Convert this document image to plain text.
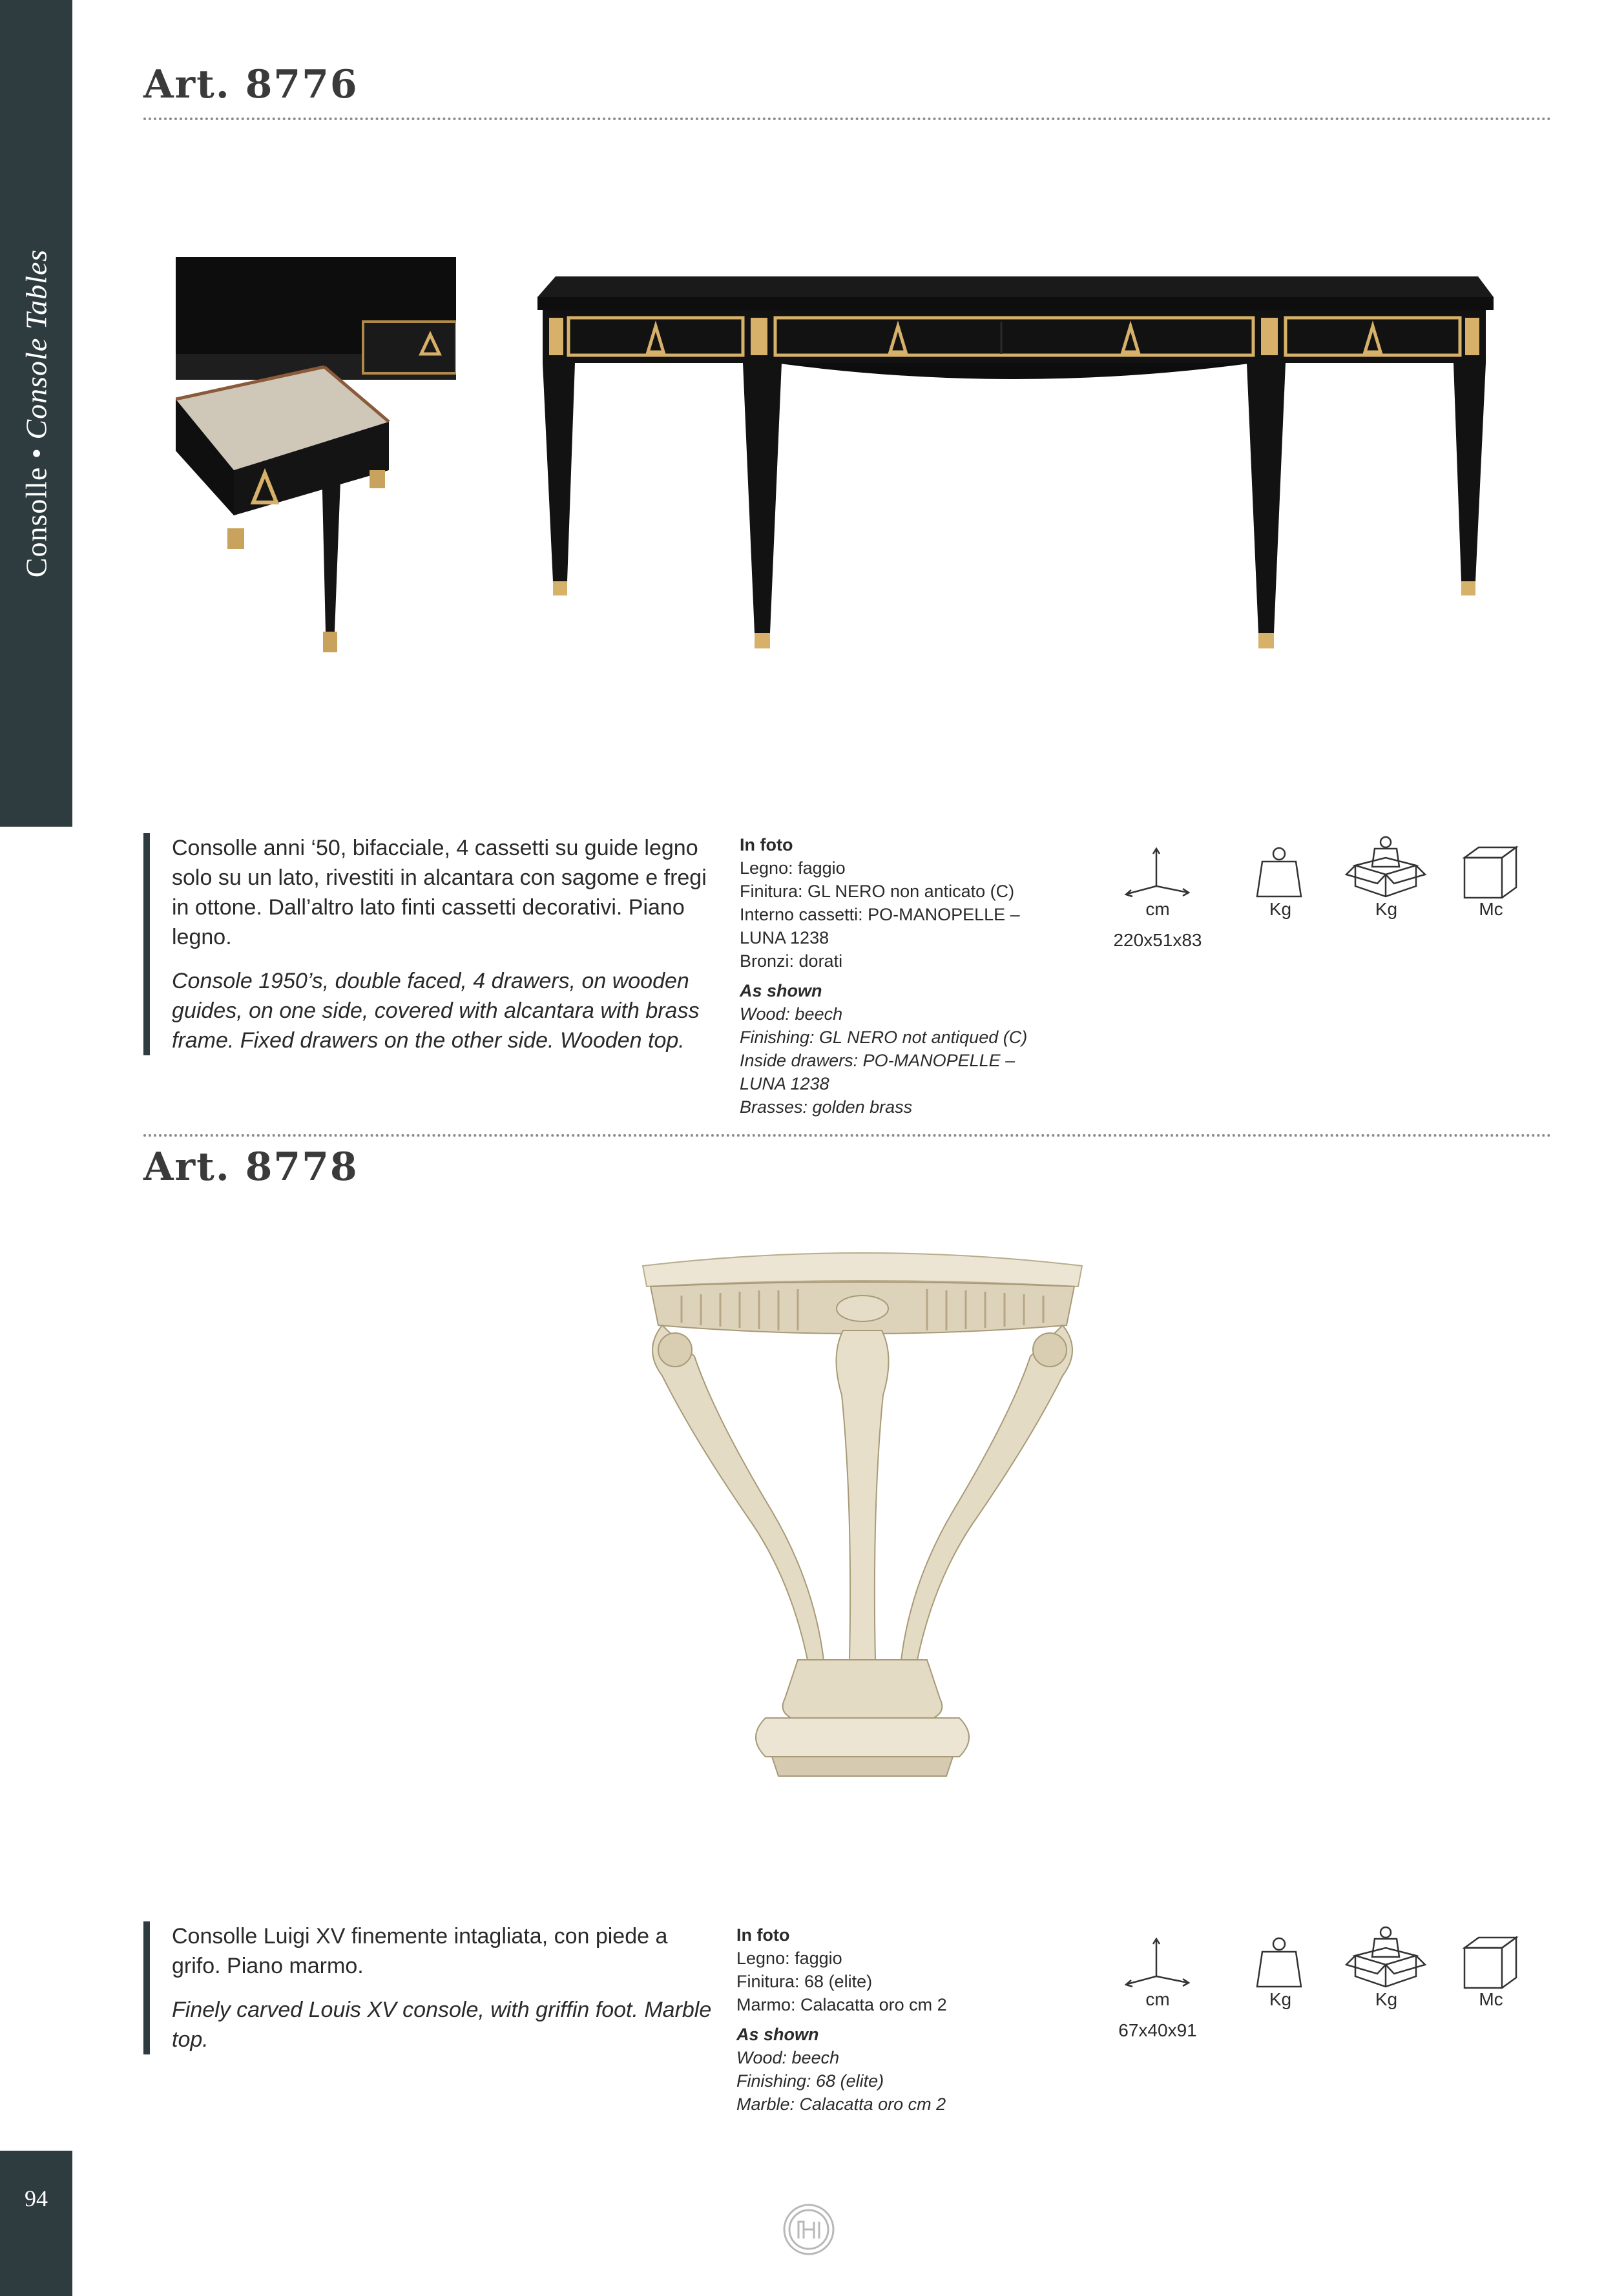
Consolle • Console Tables
94
Art. 8776

Consolle anni ‘50, bifacciale, 4 cassetti su guide legno solo su un lato, rivestiti in alcantara con sagome e fregi in ottone. Dall’altro lato finti cassetti decorativi. Piano legno.

Console 1950’s, double faced, 4 drawers, on wooden guides, on one side, covered with alcantara with brass frame. Fixed drawers on the other side. Wooden top.

In foto
Legno: faggio
Finitura: GL NERO non anticato (C)
Interno cassetti: PO-MANOPELLE –
LUNA 1238
Bronzi: dorati
As shown
Wood: beech
Finishing: GL NERO not antiqued (C)
Inside drawers: PO-MANOPELLE –
LUNA 1238
Brasses: golden brass
cm	Kg	Kg	Mc
220x51x83
Art. 8778

Consolle Luigi XV finemente intagliata, con piede a grifo. Piano marmo.

Finely carved Louis XV console, with griffin foot. Marble top.

In foto
Legno: faggio
Finitura: 68 (elite)
Marmo: Calacatta oro cm 2
As shown
Wood: beech
Finishing: 68 (elite)
Marble: Calacatta oro cm 2
cm	Kg	Kg	Mc
67x40x91
